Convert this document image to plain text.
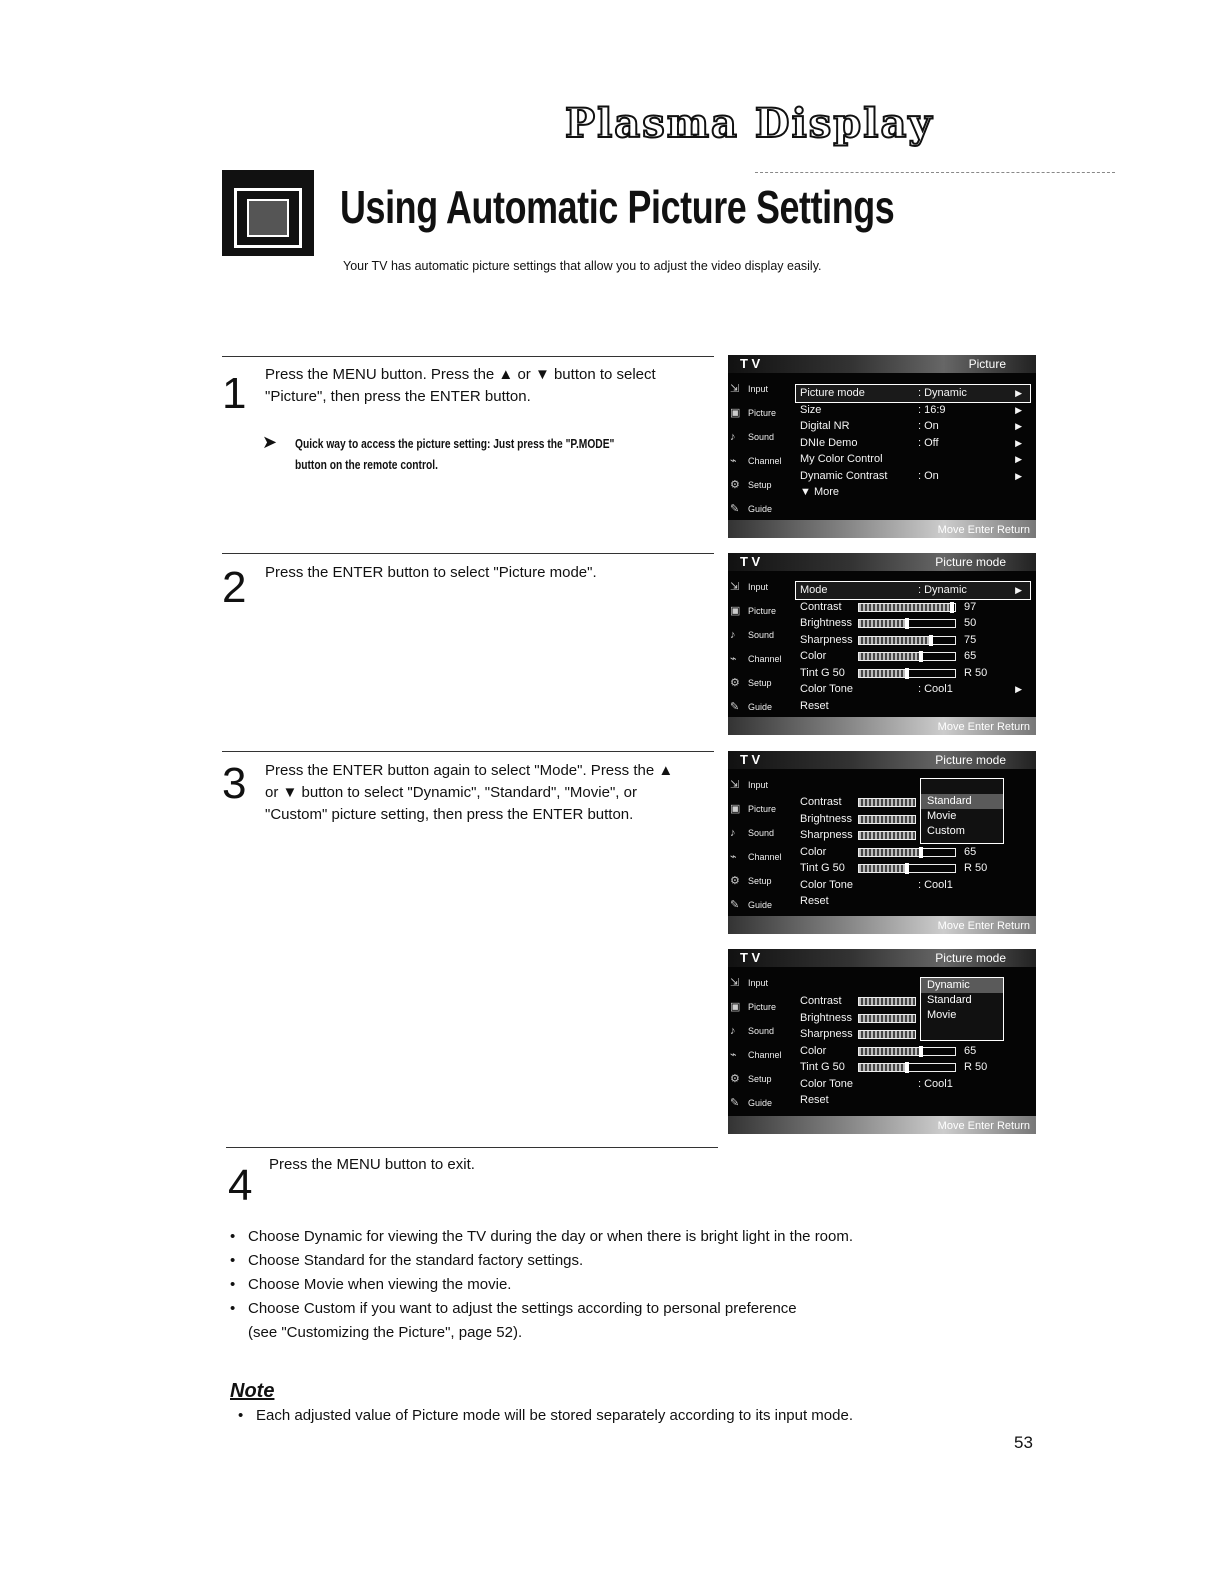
Plasma Display
Using Automatic Picture Settings
Your TV has automatic picture settings that allow you to adjust the video display easily.
1 Press the MENU button. Press the ▲ or ▼ button to select "Picture", then press the ENTER button.
➤ Quick way to access the picture setting: Just press the "P.MODE"
button on the remote control.
2 Press the ENTER button to select "Picture mode".
3 Press the ENTER button again to select "Mode". Press the ▲ or ▼ button to select "Dynamic", "Standard", "Movie", or "Custom" picture setting, then press the ENTER button.
4 Press the MENU button to exit.
T V	Picture
⇲ Input
▣ Picture
♪ Sound
⌁ Channel
⚙ Setup
✎ Guide
Picture mode	: Dynamic	▶
Size	: 16:9	▶
Digital NR	: On	▶
DNIe Demo	: Off	▶
My Color Control	▶
Dynamic Contrast	: On	▶
▼ More
Move Enter Return
T V	Picture mode
⇲ Input
▣ Picture
♪ Sound
⌁ Channel
⚙ Setup
✎ Guide
Mode	: Dynamic	▶
Contrast	97
Brightness	50
Sharpness	75
Color	65
Tint G 50	R 50
Color Tone	: Cool1	▶
Reset
Move Enter Return
T V	Picture mode
⇲ Input
▣ Picture
♪ Sound
⌁ Channel
⚙ Setup
✎ Guide
Contrast
Brightness
Sharpness
Color	65
Tint G 50	R 50
Color Tone	: Cool1
Reset
Standard
Movie
Custom
Move Enter Return
T V	Picture mode
⇲ Input
▣ Picture
♪ Sound
⌁ Channel
⚙ Setup
✎ Guide
Contrast
Brightness
Sharpness
Color	65
Tint G 50	R 50
Color Tone	: Cool1
Reset
Dynamic
Standard
Movie
Move Enter Return
• Choose Dynamic for viewing the TV during the day or when there is bright light in the room.
• Choose Standard for the standard factory settings.
• Choose Movie when viewing the movie.
• Choose Custom if you want to adjust the settings according to personal preference
(see "Customizing the Picture", page 52).
Note
• Each adjusted value of Picture mode will be stored separately according to its input mode.
53
